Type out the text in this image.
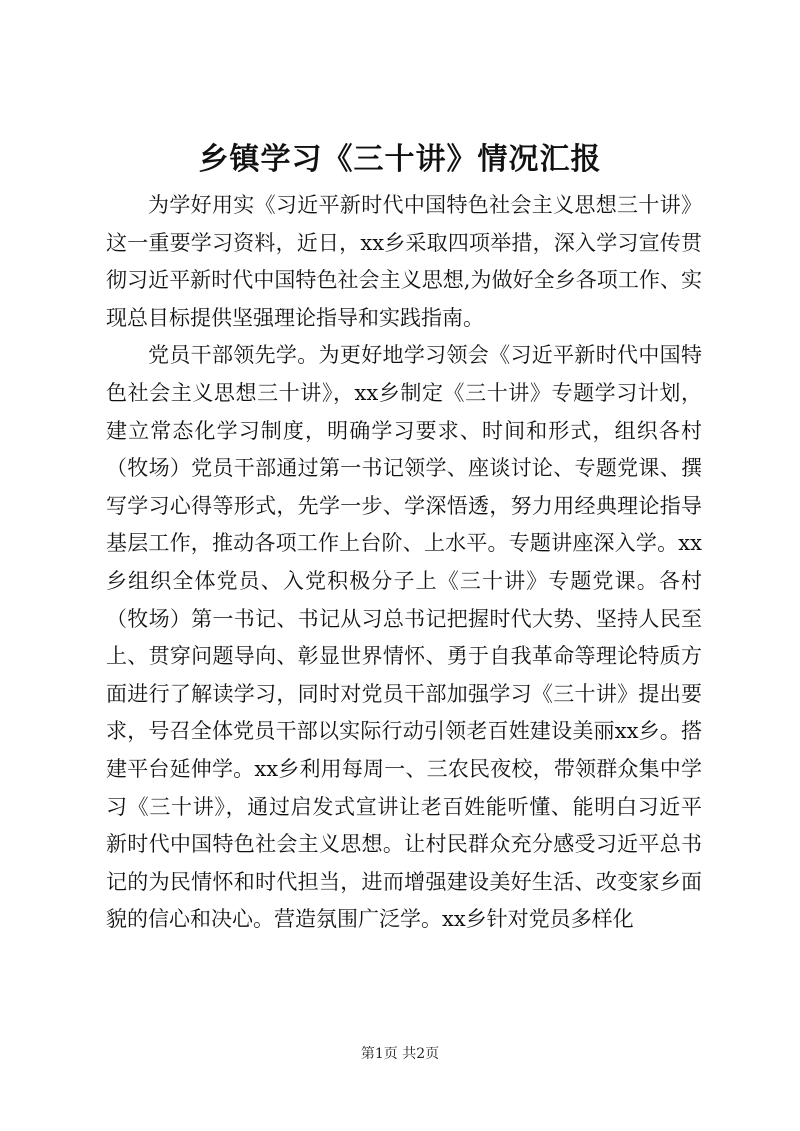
乡镇学习《三十讲》情况汇报

为学好用实《习近平新时代中国特色社会主义思想三十讲》这一重要学习资料，近日，xx乡采取四项举措，深入学习宣传贯彻习近平新时代中国特色社会主义思想,为做好全乡各项工作、实现总目标提供坚强理论指导和实践指南。

党员干部领先学。为更好地学习领会《习近平新时代中国特色社会主义思想三十讲》，xx乡制定《三十讲》专题学习计划，建立常态化学习制度，明确学习要求、时间和形式，组织各村（牧场）党员干部通过第一书记领学、座谈讨论、专题党课、撰写学习心得等形式，先学一步、学深悟透，努力用经典理论指导基层工作，推动各项工作上台阶、上水平。专题讲座深入学。xx乡组织全体党员、入党积极分子上《三十讲》专题党课。各村（牧场）第一书记、书记从习总书记把握时代大势、坚持人民至上、贯穿问题导向、彰显世界情怀、勇于自我革命等理论特质方面进行了解读学习，同时对党员干部加强学习《三十讲》提出要求，号召全体党员干部以实际行动引领老百姓建设美丽xx乡。搭建平台延伸学。xx乡利用每周一、三农民夜校，带领群众集中学习《三十讲》，通过启发式宣讲让老百姓能听懂、能明白习近平新时代中国特色社会主义思想。让村民群众充分感受习近平总书记的为民情怀和时代担当，进而增强建设美好生活、改变家乡面貌的信心和决心。营造氛围广泛学。xx乡针对党员多样化

第1页 共2页
